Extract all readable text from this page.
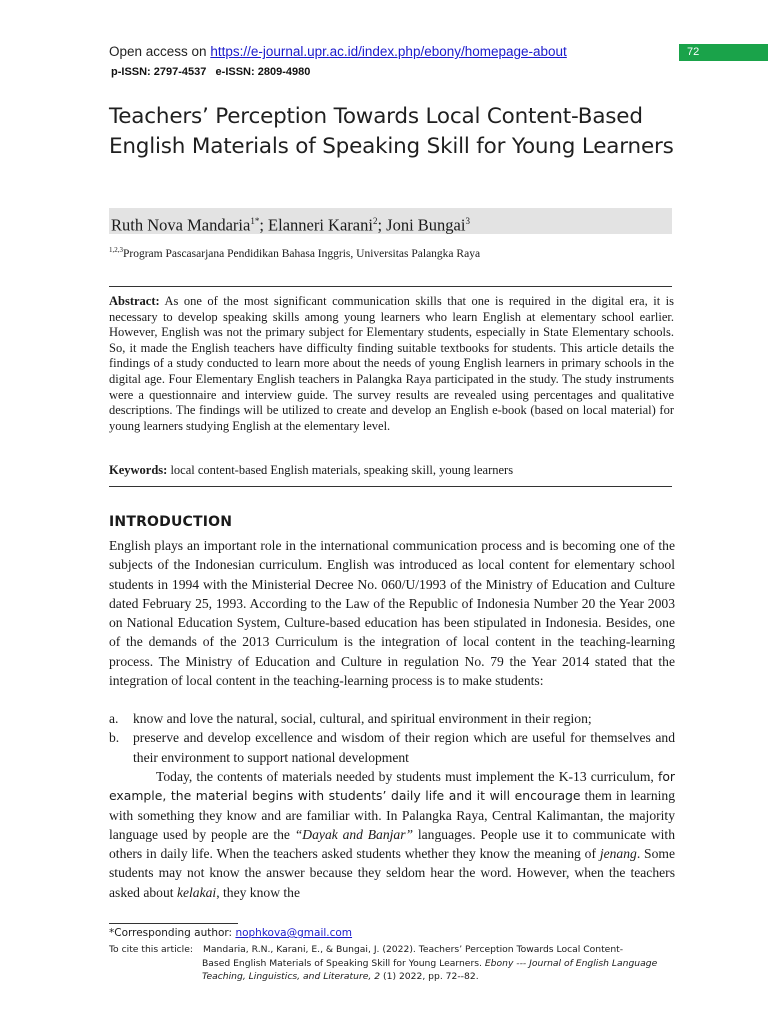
Open access on https://e-journal.upr.ac.id/index.php/ebony/homepage-about
p-ISSN: 2797-4537   e-ISSN: 2809-4980
72
Teachers’ Perception Towards Local Content-Based English Materials of Speaking Skill for Young Learners
Ruth Nova Mandaria$^{1*}$; Elanneri Karani$^2$; Joni Bungai$^3$
$^{1,2,3}$Program Pascasarjana Pendidikan Bahasa Inggris, Universitas Palangka Raya

Abstract: As one of the most significant communication skills that one is required in the digital era, it is necessary to develop speaking skills among young learners who learn English at elementary school earlier. However, English was not the primary subject for Elementary students, especially in State Elementary schools. So, it made the English teachers have difficulty finding suitable textbooks for students. This article details the findings of a study conducted to learn more about the needs of young English learners in primary schools in the digital age. Four Elementary English teachers in Palangka Raya participated in the study. The study instruments were a questionnaire and interview guide. The survey results are revealed using percentages and qualitative descriptions. The findings will be utilized to create and develop an English e-book (based on local material) for young learners studying English at the elementary level.

Keywords: local content-based English materials, speaking skill, young learners
INTRODUCTION

English plays an important role in the international communication process and is becoming one of the subjects of the Indonesian curriculum. English was introduced as local content for elementary school students in 1994 with the Ministerial Decree No. 060/U/1993 of the Ministry of Education and Culture dated February 25, 1993. According to the Law of the Republic of Indonesia Number 20 the Year 2003 on National Education System, Culture-based education has been stipulated in Indonesia. Besides, one of the demands of the 2013 Curriculum is the integration of local content in the teaching-learning process. The Ministry of Education and Culture in regulation No. 79 the Year 2014 stated that the integration of local content in the teaching-learning process is to make students:

a. know and love the natural, social, cultural, and spiritual environment in their region;
b. preserve and develop excellence and wisdom of their region which are useful for themselves and their environment to support national development

Today, the contents of materials needed by students must implement the K-13 curriculum, for example, the material begins with students’ daily life and it will encourage them in learning with something they know and are familiar with. In Palangka Raya, Central Kalimantan, the majority language used by people are the “Dayak and Banjar” languages. People use it to communicate with others in daily life. When the teachers asked students whether they know the meaning of jenang. Some students may not know the answer because they seldom hear the word. However, when the teachers asked about kelakai, they know the

*Corresponding author: nophkova@gmail.com
To cite this article: Mandaria, R.N., Karani, E., & Bungai, J. (2022). Teachers’ Perception Towards Local Content-
Based English Materials of Speaking Skill for Young Learners. Ebony --- Journal of English Language
Teaching, Linguistics, and Literature, 2 (1) 2022, pp. 72--82.
